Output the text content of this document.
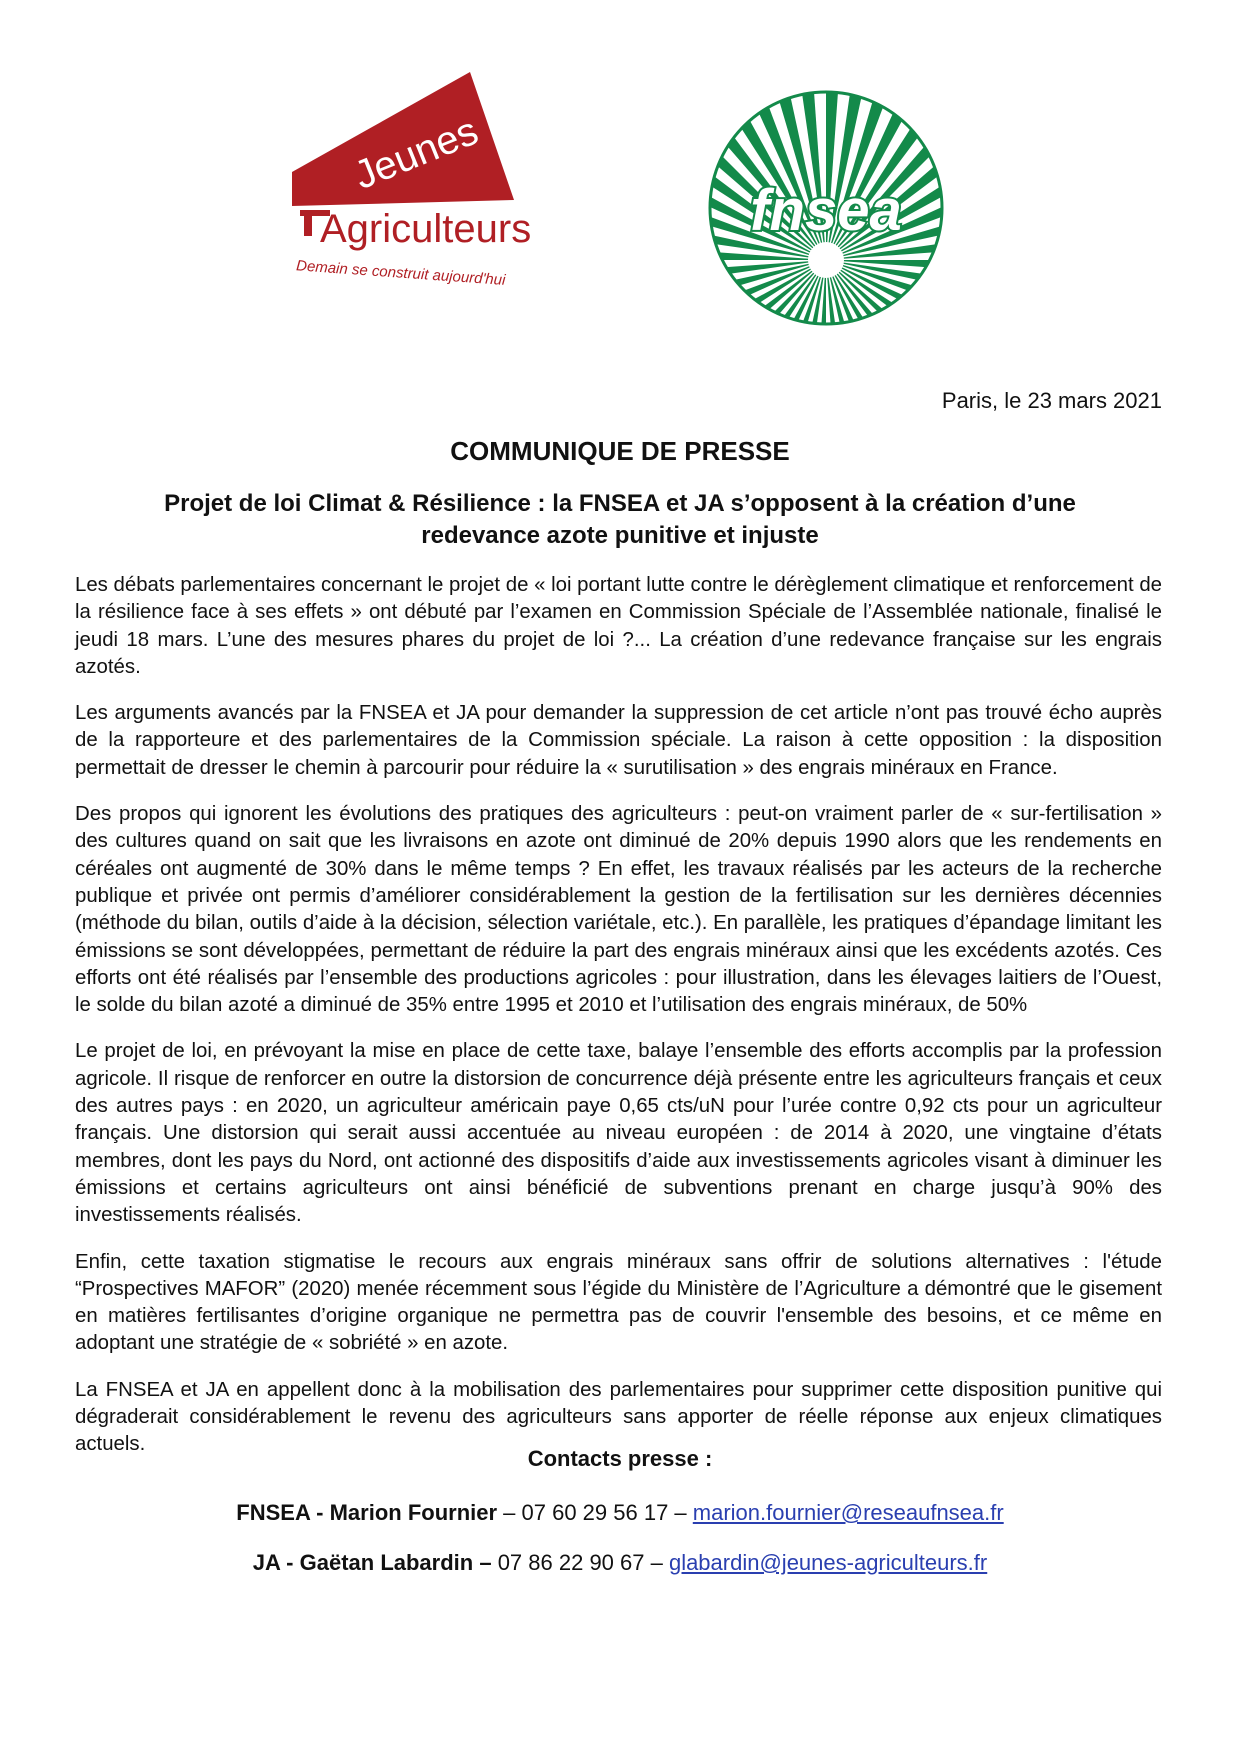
Jeunes
Agriculteurs
Demain se construit aujourd'hui
fnsea
Paris, le 23 mars 2021
COMMUNIQUE DE PRESSE
Projet de loi Climat & Résilience : la FNSEA et JA s’opposent à la création d’une
redevance azote punitive et injuste

Les débats parlementaires concernant le projet de « loi portant lutte contre le dérèglement climatique et renforcement de la résilience face à ses effets » ont débuté par l’examen en Commission Spéciale de l’Assemblée nationale, finalisé le jeudi 18 mars. L’une des mesures phares du projet de loi ?... La création d’une redevance française sur les engrais azotés.

Les arguments avancés par la FNSEA et JA pour demander la suppression de cet article n’ont pas trouvé écho auprès de la rapporteure et des parlementaires de la Commission spéciale. La raison à cette opposition : la disposition permettait de dresser le chemin à parcourir pour réduire la « surutilisation » des engrais minéraux en France.

Des propos qui ignorent les évolutions des pratiques des agriculteurs : peut-on vraiment parler de « sur-fertilisation » des cultures quand on sait que les livraisons en azote ont diminué de 20% depuis 1990 alors que les rendements en céréales ont augmenté de 30% dans le même temps ? En effet, les travaux réalisés par les acteurs de la recherche publique et privée ont permis d’améliorer considérablement la gestion de la fertilisation sur les dernières décennies (méthode du bilan, outils d’aide à la décision, sélection variétale, etc.). En parallèle, les pratiques d’épandage limitant les émissions se sont développées, permettant de réduire la part des engrais minéraux ainsi que les excédents azotés. Ces efforts ont été réalisés par l’ensemble des productions agricoles : pour illustration, dans les élevages laitiers de l’Ouest, le solde du bilan azoté a diminué de 35% entre 1995 et 2010 et l’utilisation des engrais minéraux, de 50%

Le projet de loi, en prévoyant la mise en place de cette taxe, balaye l’ensemble des efforts accomplis par la profession agricole. Il risque de renforcer en outre la distorsion de concurrence déjà présente entre les agriculteurs français et ceux des autres pays : en 2020, un agriculteur américain paye 0,65 cts/uN pour l’urée contre 0,92 cts pour un agriculteur français. Une distorsion qui serait aussi accentuée au niveau européen : de 2014 à 2020, une vingtaine d’états membres, dont les pays du Nord, ont actionné des dispositifs d’aide aux investissements agricoles visant à diminuer les émissions et certains agriculteurs ont ainsi bénéficié de subventions prenant en charge jusqu’à 90% des investissements réalisés.

Enfin, cette taxation stigmatise le recours aux engrais minéraux sans offrir de solutions alternatives : l'étude “Prospectives MAFOR” (2020) menée récemment sous l’égide du Ministère de l’Agriculture a démontré que le gisement en matières fertilisantes d’origine organique ne permettra pas de couvrir l'ensemble des besoins, et ce même en adoptant une stratégie de « sobriété » en azote.

La FNSEA et JA en appellent donc à la mobilisation des parlementaires pour supprimer cette disposition punitive qui dégraderait considérablement le revenu des agriculteurs sans apporter de réelle réponse aux enjeux climatiques actuels.

Contacts presse :
FNSEA - Marion Fournier – 07 60 29 56 17 – marion.fournier@reseaufnsea.fr
JA - Gaëtan Labardin – 07 86 22 90 67 – glabardin@jeunes-agriculteurs.fr
